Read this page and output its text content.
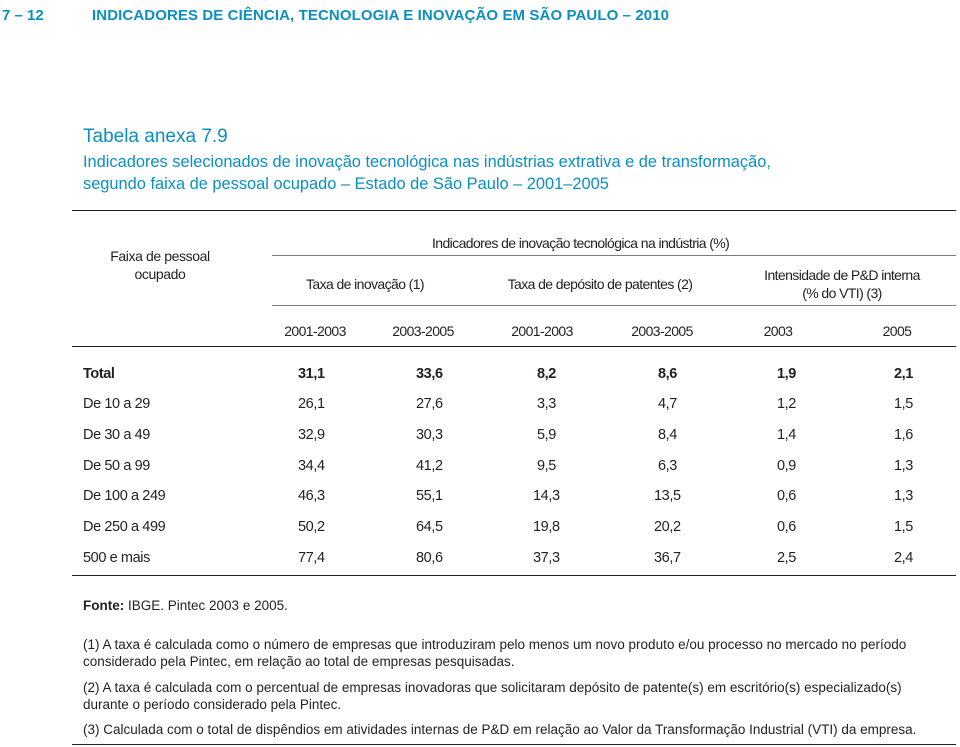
7 – 12	INDICADORES DE CIÊNCIA, TECNOLOGIA E INOVAÇÃO EM SÃO PAULO – 2010
Tabela anexa 7.9
Indicadores selecionados de inovação tecnológica nas indústrias extrativa e de transformação,
segundo faixa de pessoal ocupado – Estado de São Paulo – 2001–2005
Faixa de pessoal
ocupado
Indicadores de inovação tecnológica na indústria (%)
Taxa de inovação (1)	Taxa de depósito de patentes (2)
Intensidade de P&D interna
(% do VTI) (3)
2001-2003	2003-2005	2001-2003	2003-2005	2003	2005
Total	31,1	33,6	8,2	8,6	1,9	2,1
De 10 a 29	26,1	27,6	3,3	4,7	1,2	1,5
De 30 a 49	32,9	30,3	5,9	8,4	1,4	1,6
De 50 a 99	34,4	41,2	9,5	6,3	0,9	1,3
De 100 a 249	46,3	55,1	14,3	13,5	0,6	1,3
De 250 a 499	50,2	64,5	19,8	20,2	0,6	1,5
500 e mais	77,4	80,6	37,3	36,7	2,5	2,4
Fonte: IBGE. Pintec 2003 e 2005.
(1) A taxa é calculada como o número de empresas que introduziram pelo menos um novo produto e/ou processo no mercado no período considerado pela Pintec, em relação ao total de empresas pesquisadas.
(2) A taxa é calculada com o percentual de empresas inovadoras que solicitaram depósito de patente(s) em escritório(s) especializado(s) durante o período considerado pela Pintec.
(3) Calculada com o total de dispêndios em atividades internas de P&D em relação ao Valor da Transformação Industrial (VTI) da empresa.
